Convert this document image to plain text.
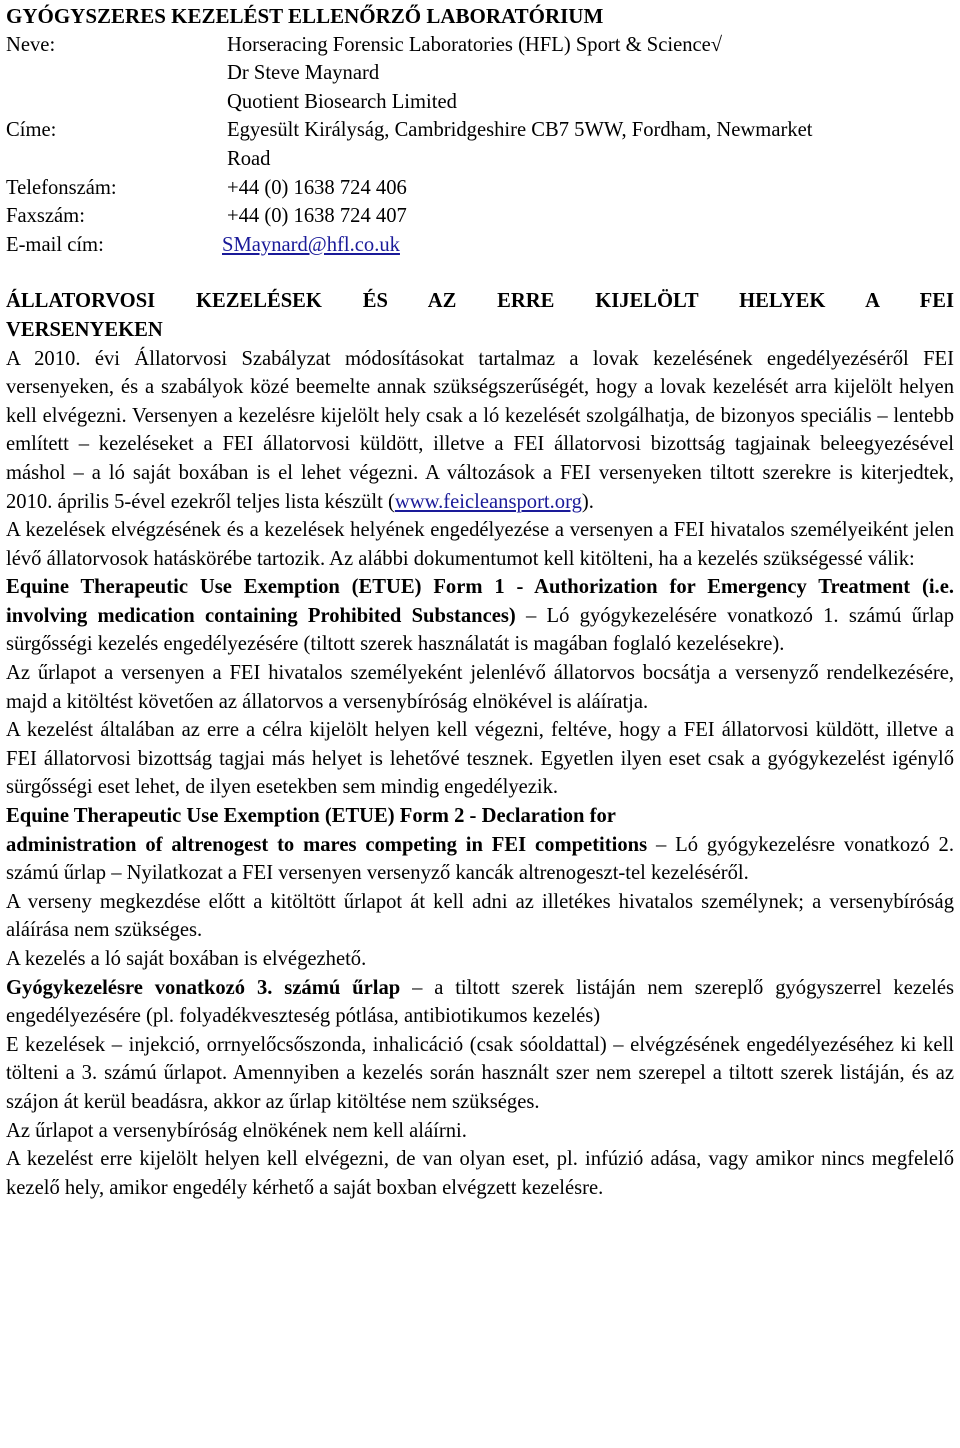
GYÓGYSZERES KEZELÉST ELLENŐRZŐ LABORATÓRIUM

Neve:	Horseracing Forensic Laboratories (HFL) Sport & Science√

Dr Steve Maynard

Quotient Biosearch Limited

Címe:	Egyesült Királyság, Cambridgeshire CB7 5WW, Fordham, Newmarket

Road

Telefonszám:	+44 (0) 1638 724 406
Faxszám:	+44 (0) 1638 724 407
E-mail cím:	SMaynard@hfl.co.uk

ÁLLATORVOSI KEZELÉSEK ÉS AZ ERRE KIJELÖLT HELYEK A FEI

VERSENYEKEN

A 2010. évi Állatorvosi Szabályzat módosításokat tartalmaz a lovak kezelésének engedélyezéséről FEI versenyeken, és a szabályok közé beemelte annak szükségszerűségét, hogy a lovak kezelését arra kijelölt helyen kell elvégezni. Versenyen a kezelésre kijelölt hely csak a ló kezelését szolgálhatja, de bizonyos speciális – lentebb említett – kezeléseket a FEI állatorvosi küldött, illetve a FEI állatorvosi bizottság tagjainak beleegyezésével máshol – a ló saját boxában is el lehet végezni. A változások a FEI versenyeken tiltott szerekre is kiterjedtek, 2010. április 5-ével ezekről teljes lista készült (www.feicleansport.org).

A kezelések elvégzésének és a kezelések helyének engedélyezése a versenyen a FEI hivatalos személyeiként jelen lévő állatorvosok hatáskörébe tartozik. Az alábbi dokumentumot kell kitölteni, ha a kezelés szükségessé válik:

Equine Therapeutic Use Exemption (ETUE) Form 1 - Authorization for Emergency Treatment (i.e. involving medication containing Prohibited Substances) – Ló gyógykezelésére vonatkozó 1. számú űrlap sürgősségi kezelés engedélyezésére (tiltott szerek használatát is magában foglaló kezelésekre).

Az űrlapot a versenyen a FEI hivatalos személyeként jelenlévő állatorvos bocsátja a versenyző rendelkezésére, majd a kitöltést követően az állatorvos a versenybíróság elnökével is aláíratja.

A kezelést általában az erre a célra kijelölt helyen kell végezni, feltéve, hogy a FEI állatorvosi küldött, illetve a FEI állatorvosi bizottság tagjai más helyet is lehetővé tesznek. Egyetlen ilyen eset csak a gyógykezelést igénylő sürgősségi eset lehet, de ilyen esetekben sem mindig engedélyezik.

Equine Therapeutic Use Exemption (ETUE) Form 2 - Declaration for

administration of altrenogest to mares competing in FEI competitions – Ló gyógykezelésre vonatkozó 2. számú űrlap – Nyilatkozat a FEI versenyen versenyző kancák altrenogeszt-tel kezeléséről.

A verseny megkezdése előtt a kitöltött űrlapot át kell adni az illetékes hivatalos személynek; a versenybíróság aláírása nem szükséges.

A kezelés a ló saját boxában is elvégezhető.

Gyógykezelésre vonatkozó 3. számú űrlap – a tiltott szerek listáján nem szereplő gyógyszerrel kezelés engedélyezésére (pl. folyadékveszteség pótlása, antibiotikumos kezelés)

E kezelések – injekció, orrnyelőcsőszonda, inhalicáció (csak sóoldattal) – elvégzésének engedélyezéséhez ki kell tölteni a 3. számú űrlapot. Amennyiben a kezelés során használt szer nem szerepel a tiltott szerek listáján, és az szájon át kerül beadásra, akkor az űrlap kitöltése nem szükséges.

Az űrlapot a versenybíróság elnökének nem kell aláírni.

A kezelést erre kijelölt helyen kell elvégezni, de van olyan eset, pl. infúzió adása, vagy amikor nincs megfelelő kezelő hely, amikor engedély kérhető a saját boxban elvégzett kezelésre.
